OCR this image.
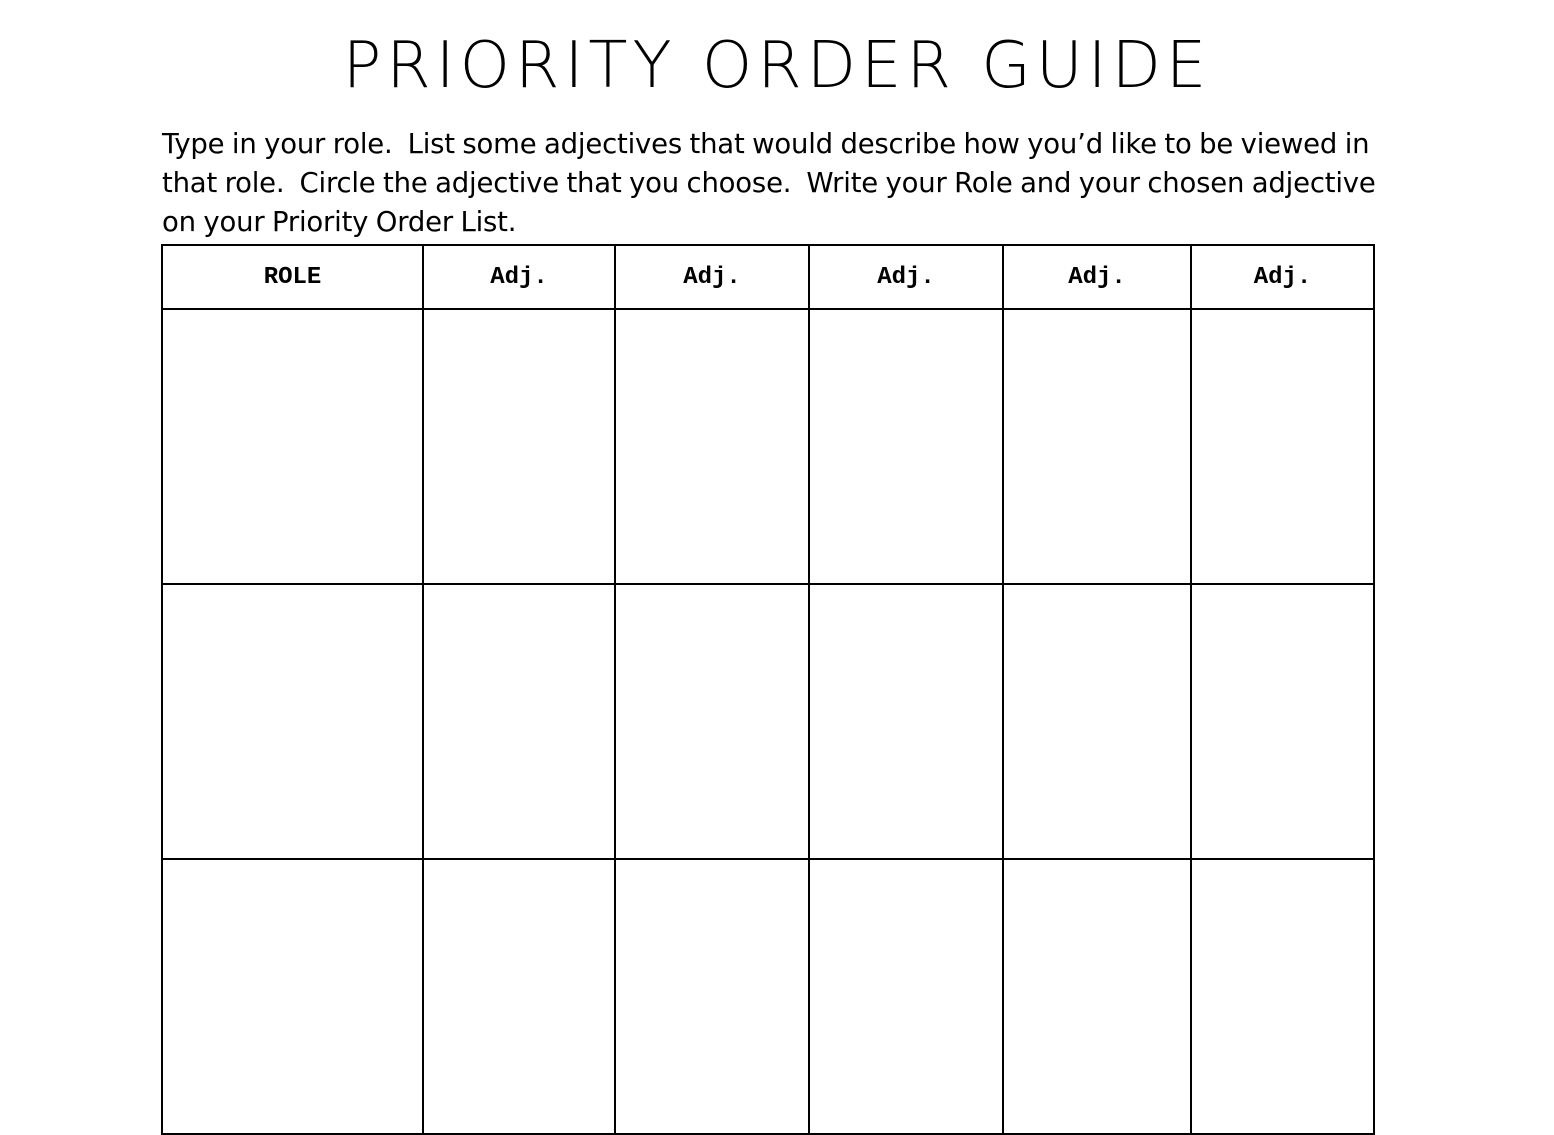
PRIORITY ORDER GUIDE
Type in your role.  List some adjectives that would describe how you’d like to be viewed in that role.  Circle the adjective that you choose.  Write your Role and your chosen adjective on your Priority Order List.
ROLE	Adj.	Adj.	Adj.	Adj.	Adj.
